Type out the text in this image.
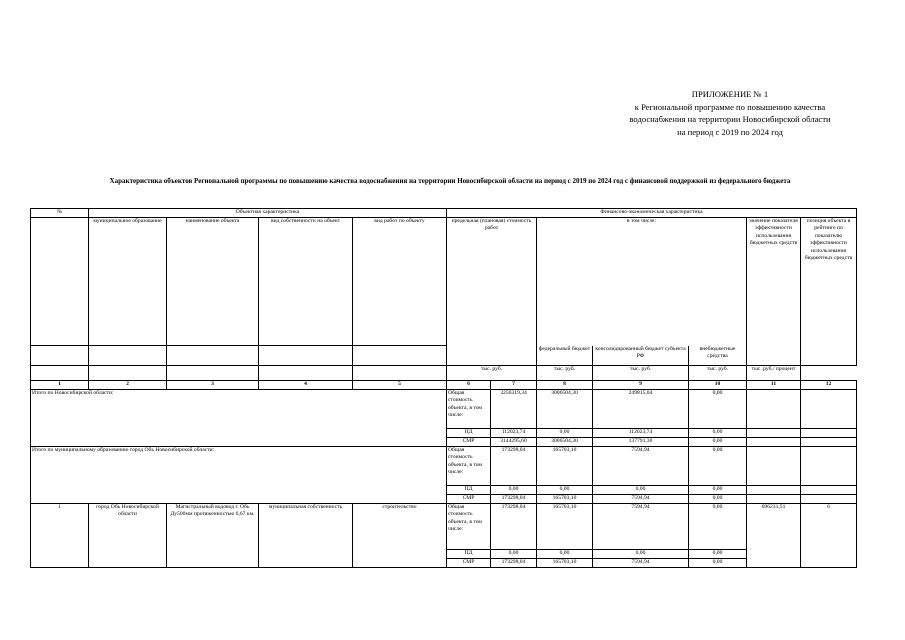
ПРИЛОЖЕНИЕ № 1
к Региональной программе по повышению качества
водоснабжения на территории Новосибирской области
на период с 2019 по 2024 год
Характеристика объектов Региональной программы по повышению качества водоснабжения на территории Новосибирской области на период с 2019 по 2024 год с финансовой поддержкой из федерального бюджета
№	Объектная характеристика				Финансово-экономическая характеристика						
	муниципальное образование	наименование объекта	вид собственности на объект	вид работ по объекту	предельная (плановая) стоимость работ		в том числе:			значение показателя эффективности использования бюджетных средств	позиция объекта в рейтинге по показателю эффективности использования бюджетных средств
							федеральный бюджет	консолидированный бюджет субъекта РФ	внебюджетные средства		
					тыс. руб.		тыс. руб.	тыс. руб.	тыс. руб.	тыс. руб./ процент	
1	2	3	4	5	6	7	8	9	10	11	12
Итого по Новосибирской области:					Общая стоимость объекта, в том числе:	3256319,34	3006504,30	249815,04	0,00		
					ПД	112023,74	0,00	112023,74	0,00		
					СМР	3144295,60	3006504,30	137791,30	0,00		
Итого по муниципальному образованию город Обь Новосибирской области:					Общая стоимость объекта, в том числе:	173298,04	165703,10	7594,94	0,00		
					ПД	0,00	0,00	0,00	0,00		
					СМР	173298,04	165703,10	7594,94	0,00		
1	город Обь Новосибирской области	Магистральный водовод г. Обь Ду500мм протяженностью 6,67 км.	муниципальная собственность	строительство	Общая стоимость объекта, в том числе:	173298,04	165703,10	7594,94	0,00	696231,51	6
					ПД	0,00	0,00	0,00	0,00		
					СМР	173298,04	165703,10	7594,94	0,00		
